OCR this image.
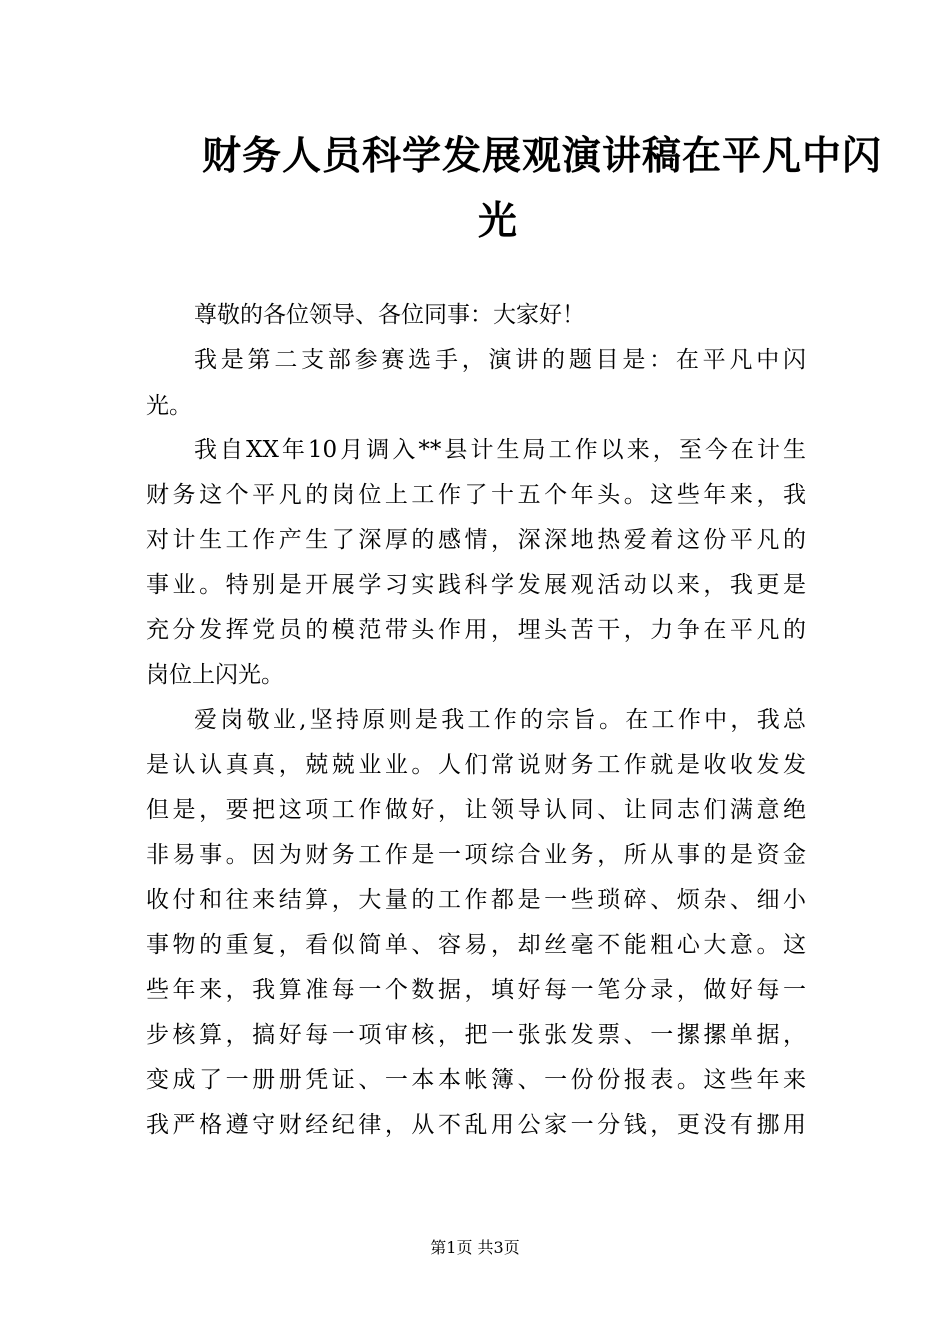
财务人员科学发展观演讲稿在平凡中闪
光
尊敬的各位领导、各位同事：大家好！
我是第二支部参赛选手，演讲的题目是：在平凡中闪
光。
我自XX年10月调入**县计生局工作以来，至今在计生
财务这个平凡的岗位上工作了十五个年头。这些年来，我
对计生工作产生了深厚的感情，深深地热爱着这份平凡的
事业。特别是开展学习实践科学发展观活动以来，我更是
充分发挥党员的模范带头作用，埋头苦干，力争在平凡的
岗位上闪光。
爱岗敬业,坚持原则是我工作的宗旨。在工作中，我总
是认认真真，兢兢业业。人们常说财务工作就是收收发发
但是，要把这项工作做好，让领导认同、让同志们满意绝
非易事。因为财务工作是一项综合业务，所从事的是资金
收付和往来结算，大量的工作都是一些琐碎、烦杂、细小
事物的重复，看似简单、容易，却丝毫不能粗心大意。这
些年来，我算准每一个数据，填好每一笔分录，做好每一
步核算，搞好每一项审核，把一张张发票、一摞摞单据，
变成了一册册凭证、一本本帐簿、一份份报表。这些年来
我严格遵守财经纪律，从不乱用公家一分钱，更没有挪用
第1页 共3页
